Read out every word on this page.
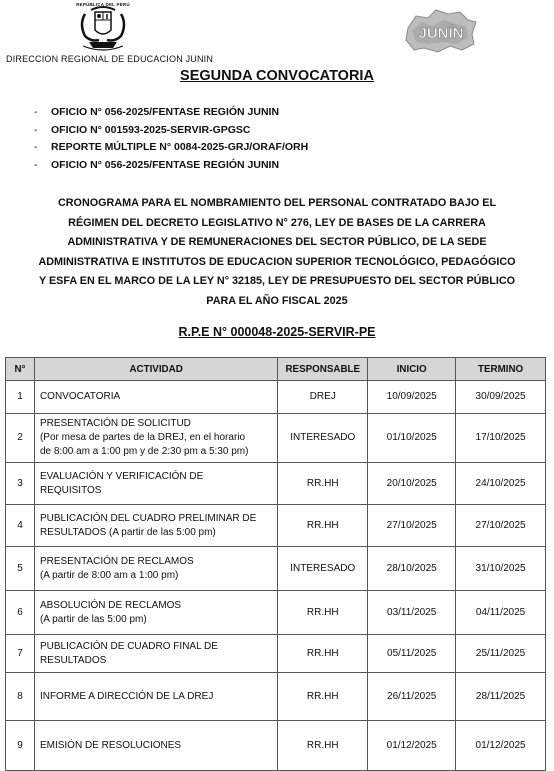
REPÚBLICA DEL PERÚ
JUNÍN
DIRECCION REGIONAL DE EDUCACION JUNIN
SEGUNDA CONVOCATORIA
- OFICIO N° 056-2025/FENTASE REGIÓN JUNIN
- OFICIO N° 001593-2025-SERVIR-GPGSC
- REPORTE MÚLTIPLE N° 0084-2025-GRJ/ORAF/ORH
- OFICIO N° 056-2025/FENTASE REGIÓN JUNIN
CRONOGRAMA PARA EL NOMBRAMIENTO DEL PERSONAL CONTRATADO BAJO EL
RÉGIMEN DEL DECRETO LEGISLATIVO N° 276, LEY DE BASES DE LA CARRERA
ADMINISTRATIVA Y DE REMUNERACIONES DEL SECTOR PÚBLICO, DE LA SEDE
ADMINISTRATIVA E INSTITUTOS DE EDUCACION SUPERIOR TECNOLÓGICO, PEDAGÓGICO
Y ESFA EN EL MARCO DE LA LEY N° 32185, LEY DE PRESUPUESTO DEL SECTOR PÚBLICO
PARA EL AÑO FISCAL 2025
R.P.E N° 000048-2025-SERVIR-PE
N°	ACTIVIDAD	RESPONSABLE	INICIO	TERMINO
1	CONVOCATORIA	DREJ	10/09/2025	30/09/2025
2	PRESENTACIÓN DE SOLICITUD
(Por mesa de partes de la DREJ, en el horario
de 8:00 am a 1:00 pm y de 2:30 pm a 5:30 pm)	INTERESADO	01/10/2025	17/10/2025
3	EVALUACIÓN Y VERIFICACIÓN DE
REQUISITOS	RR.HH	20/10/2025	24/10/2025
4	PUBLICACIÓN DEL CUADRO PRELIMINAR DE
RESULTADOS (A partir de las 5:00 pm)	RR.HH	27/10/2025	27/10/2025
5	PRESENTACIÓN DE RECLAMOS
(A partir de 8:00 am a 1:00 pm)	INTERESADO	28/10/2025	31/10/2025
6	ABSOLUCIÓN DE RECLAMOS
(A partir de las 5:00 pm)	RR.HH	03/11/2025	04/11/2025
7	PUBLICACIÓN DE CUADRO FINAL DE
RESULTADOS	RR.HH	05/11/2025	25/11/2025
8	INFORME A DIRECCIÓN DE LA DREJ	RR.HH	26/11/2025	28/11/2025
9	EMISIÓN DE RESOLUCIONES	RR.HH	01/12/2025	01/12/2025
